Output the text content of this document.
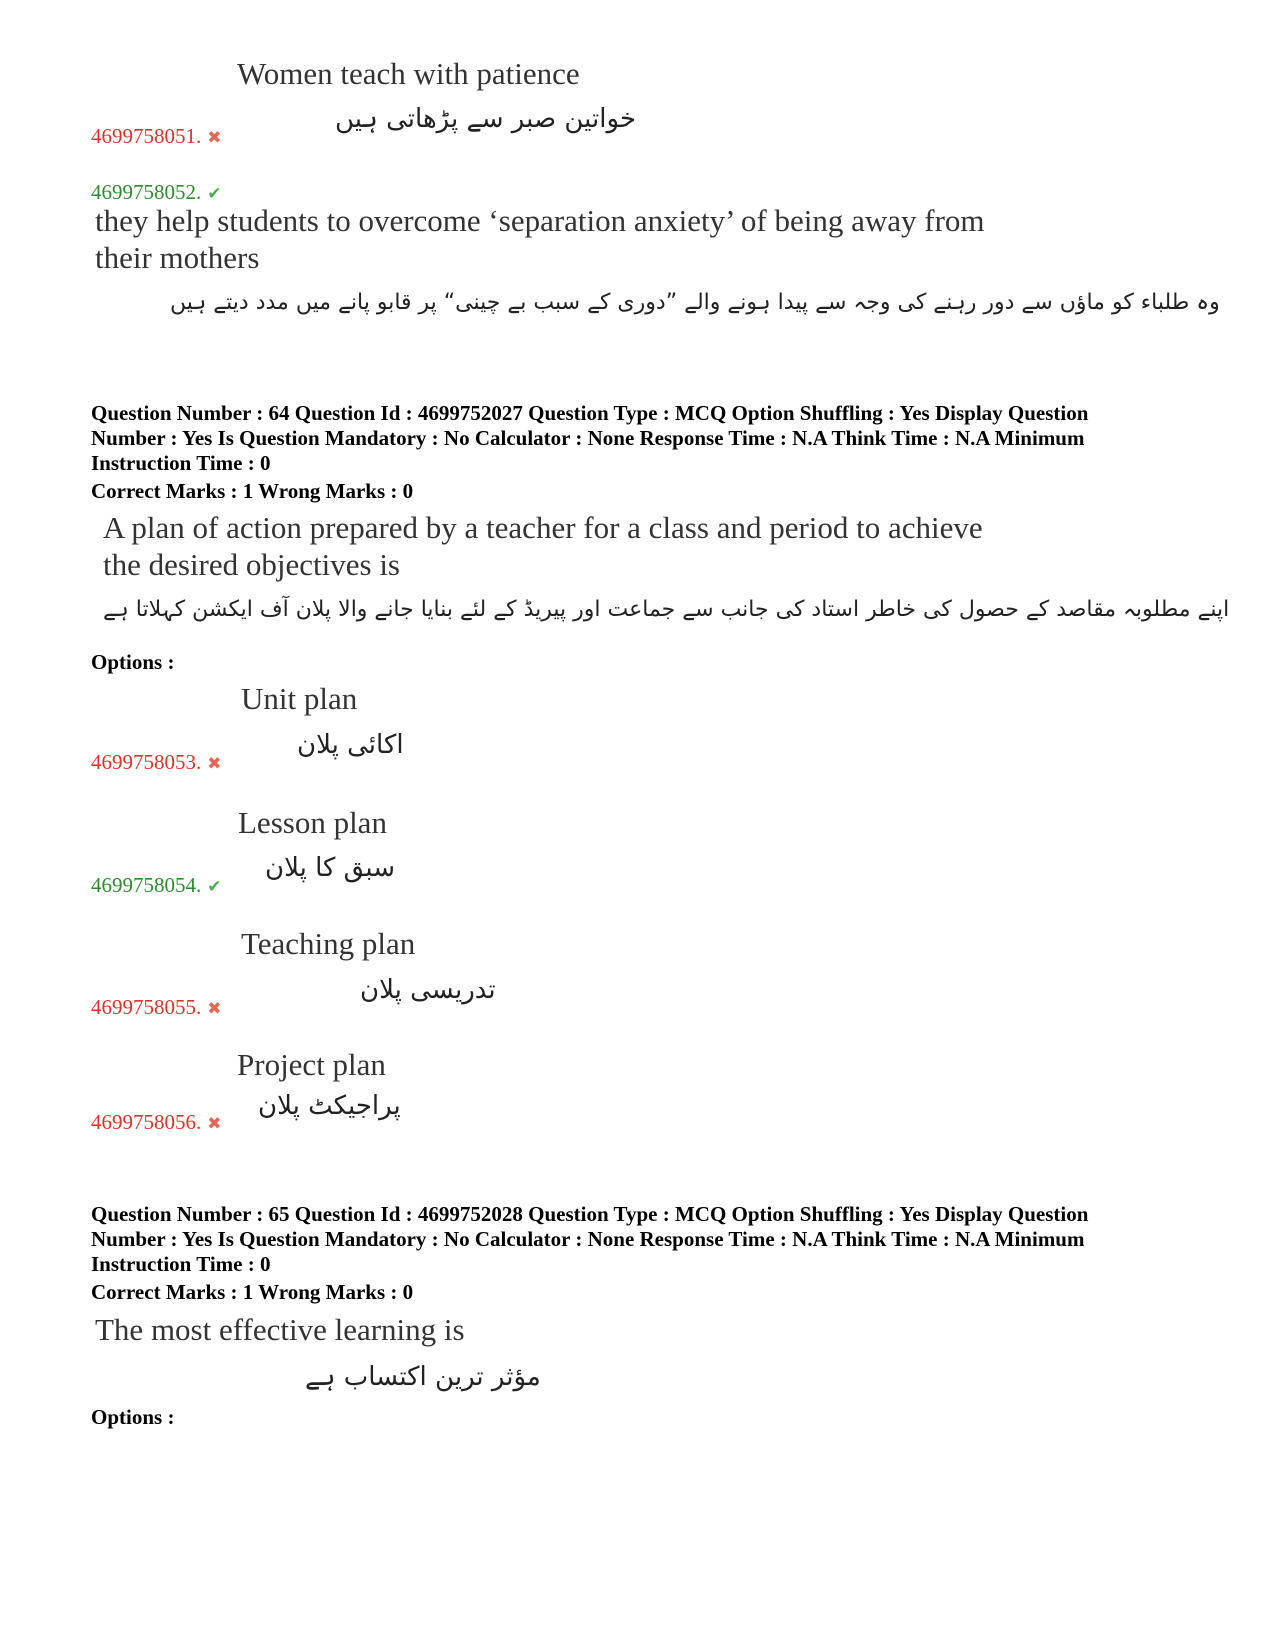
Women teach with patience
خواتین صبر سے پڑھاتی ہیں
4699758051. ✖
4699758052. ✔
they help students to overcome ‘separation anxiety’ of being away from
their mothers
وہ طلباء کو ماؤں سے دور رہنے کی وجہ سے پیدا ہونے والے ”دوری کے سبب بے چینی“ پر قابو پانے میں مدد دیتے ہیں
Question Number : 64 Question Id : 4699752027 Question Type : MCQ Option Shuffling : Yes Display Question
Number : Yes Is Question Mandatory : No Calculator : None Response Time : N.A Think Time : N.A Minimum
Instruction Time : 0
Correct Marks : 1 Wrong Marks : 0
A plan of action prepared by a teacher for a class and period to achieve
the desired objectives is
اپنے مطلوبہ مقاصد کے حصول کی خاطر استاد کی جانب سے جماعت اور پیریڈ کے لئے بنایا جانے والا پلان آف ایکشن کہلاتا ہے
Options :
Unit plan
اکائی پلان
4699758053. ✖
Lesson plan
سبق کا پلان
4699758054. ✔
Teaching plan
تدریسی پلان
4699758055. ✖
Project plan
پراجیکٹ پلان
4699758056. ✖
Question Number : 65 Question Id : 4699752028 Question Type : MCQ Option Shuffling : Yes Display Question
Number : Yes Is Question Mandatory : No Calculator : None Response Time : N.A Think Time : N.A Minimum
Instruction Time : 0
Correct Marks : 1 Wrong Marks : 0
The most effective learning is
مؤثر ترین اکتساب ہے
Options :
